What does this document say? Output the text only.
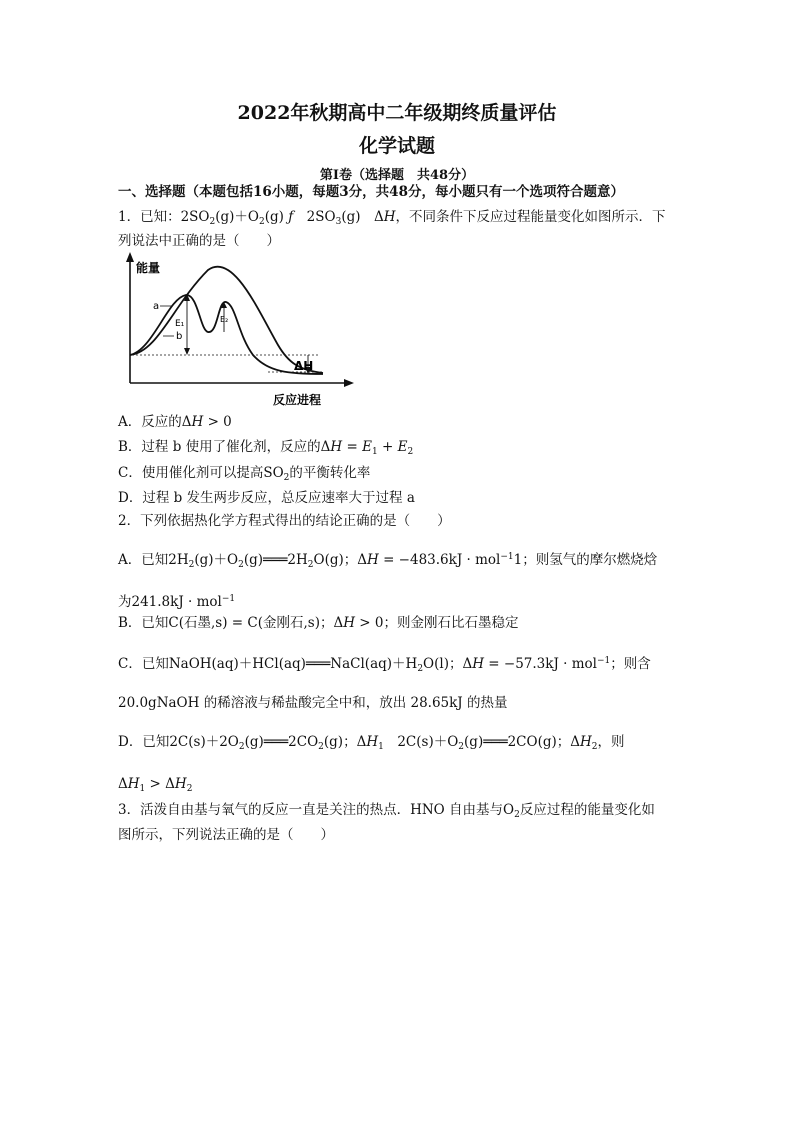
2022年秋期高中二年级期终质量评估
化学试题
第Ⅰ卷（选择题　共48分）
一、选择题（本题包括16小题，每题3分，共48分，每小题只有一个选项符合题意）
1．已知：$2SO_2(g)+O_2(g)$ ƒ　$2SO_3(g)$　ΔH，不同条件下反应过程能量变化如图所示．下
列说法中正确的是（　　）
能量
反应进程
a
b
E₁	E₂
ΔH
A．反应的ΔH > 0
B．过程 b 使用了催化剂，反应的$\Delta H = E_1 + E_2$
C．使用催化剂可以提高$SO_2$的平衡转化率
D．过程 b 发生两步反应，总反应速率大于过程 a
2．下列依据热化学方程式得出的结论正确的是（　　）
A．已知$2H_2(g)+O_2(g)═══2H_2O(g)$；ΔH = −483.6kJ · mol$^{-1}$1；则氢气的摩尔燃烧焓
为241.8kJ · mol$^{-1}$
B．已知C(石墨,s) = C(金刚石,s)；ΔH > 0；则金刚石比石墨稳定
C．已知$NaOH(aq)+HCl(aq)═══NaCl(aq)+H_2O(l)$；ΔH = −57.3kJ · mol$^{-1}$；则含
20.0gNaOH 的稀溶液与稀盐酸完全中和，放出 28.65kJ 的热量
D．已知$2C(s)+2O_2(g)═══2CO_2(g)$；$\Delta H_1$　$2C(s)+O_2(g)═══2CO(g)$；$\Delta H_2$，则
$\Delta H_1 > \Delta H_2$
3．活泼自由基与氧气的反应一直是关注的热点．HNO 自由基与$O_2$反应过程的能量变化如
图所示，下列说法正确的是（　　）
